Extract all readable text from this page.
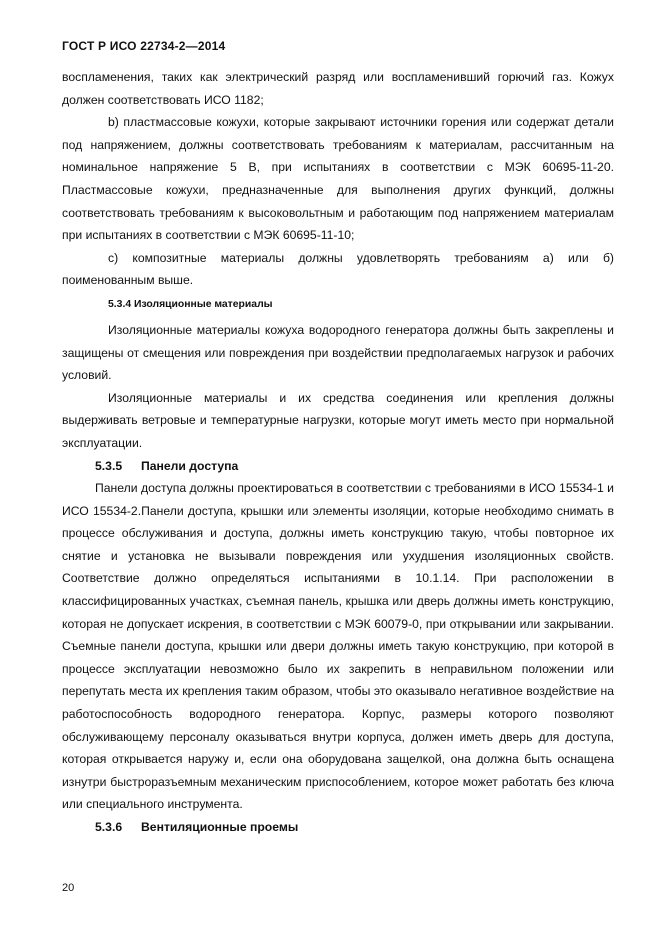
ГОСТ Р ИСО 22734-2—2014

воспламенения, таких как электрический разряд или воспламенивший горючий газ. Кожух должен соответствовать ИСО 1182;

b) пластмассовые кожухи, которые закрывают источники горения или содержат детали под напряжением, должны соответствовать требованиям к материалам, рассчитанным на номинальное напряжение 5 В, при испытаниях в соответствии с МЭК 60695-11-20. Пластмассовые кожухи, предназначенные для выполнения других функций, должны соответствовать требованиям к высоковольтным и работающим под напряжением материалам при испытаниях в соответствии с МЭК 60695-11-10;

c) композитные материалы должны удовлетворять требованиям а) или б) поименованным выше.

5.3.4 Изоляционные материалы

Изоляционные материалы кожуха водородного генератора должны быть закреплены и защищены от смещения или повреждения при воздействии предполагаемых нагрузок и рабочих условий.

Изоляционные материалы и их средства соединения или крепления должны выдерживать ветровые и температурные нагрузки, которые могут иметь место при нормальной эксплуатации.

5.3.5 Панели доступа

Панели доступа должны проектироваться в соответствии с требованиями в ИСО 15534-1 и ИСО 15534-2.Панели доступа, крышки или элементы изоляции, которые необходимо снимать в процессе обслуживания и доступа, должны иметь конструкцию такую, чтобы повторное их снятие и установка не вызывали повреждения или ухудшения изоляционных свойств. Соответствие должно определяться испытаниями в 10.1.14. При расположении в классифицированных участках, съемная панель, крышка или дверь должны иметь конструкцию, которая не допускает искрения, в соответствии с МЭК 60079-0, при открывании или закрывании. Съемные панели доступа, крышки или двери должны иметь такую конструкцию, при которой в процессе эксплуатации невозможно было их закрепить в неправильном положении или перепутать места их крепления таким образом, чтобы это оказывало негативное воздействие на работоспособность водородного генератора. Корпус, размеры которого позволяют обслуживающему персоналу оказываться внутри корпуса, должен иметь дверь для доступа, которая открывается наружу и, если она оборудована защелкой, она должна быть оснащена изнутри быстроразъемным механическим приспособлением, которое может работать без ключа или специального инструмента.

5.3.6 Вентиляционные проемы
20
